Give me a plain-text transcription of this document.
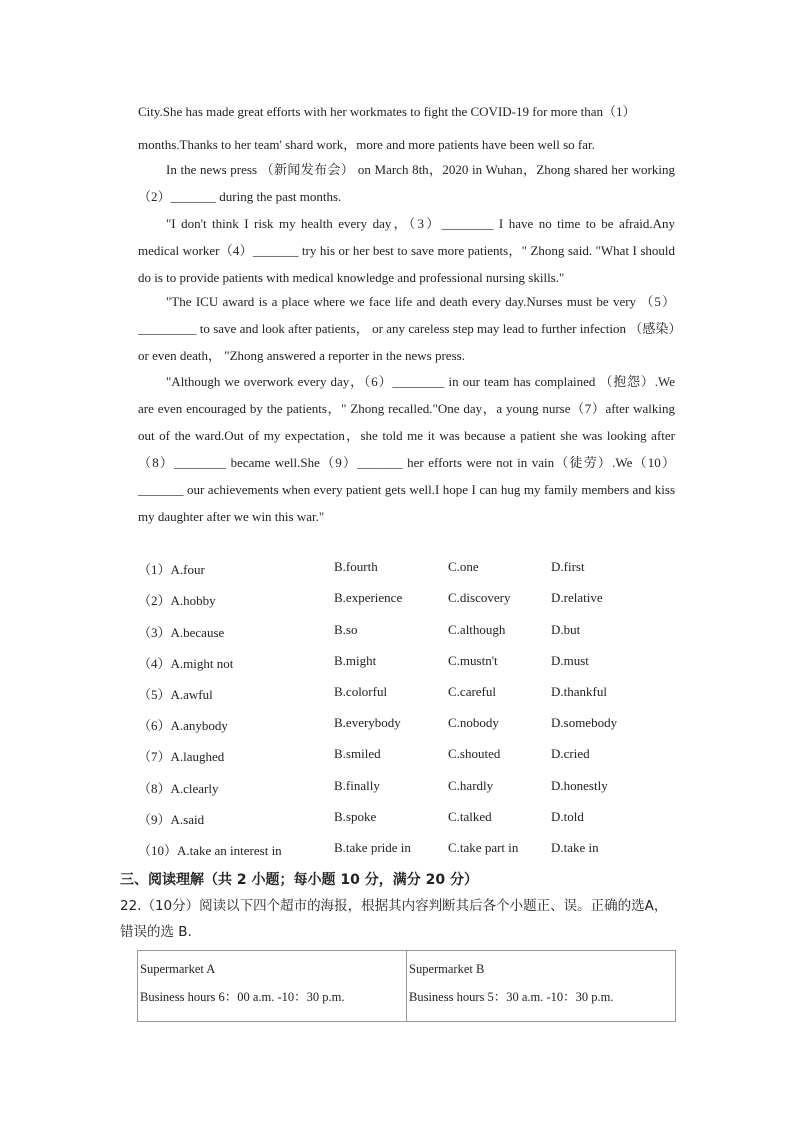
City.She has made great efforts with her workmates to fight the COVID-19 for more than（1）
months.Thanks to her team' shard work，more and more patients have been well so far.

In the news press （新闻发布会） on March 8th，2020 in Wuhan，Zhong shared her working（2）_______ during the past months.

"I don't think I risk my health every day，（3）________ I have no time to be afraid.Any medical worker（4）_______ try his or her best to save more patients，" Zhong said. "What I should do is to provide patients with medical knowledge and professional nursing skills."

"The ICU award is a place where we face life and death every day.Nurses must be very （5）_________ to save and look after patients， or any careless step may lead to further infection （感染）or even death， "Zhong answered a reporter in the news press.

"Although we overwork every day，（6）________ in our team has complained （抱怨）.We are even encouraged by the patients，" Zhong recalled."One day，a young nurse（7）after walking out of the ward.Out of my expectation，she told me it was because a patient she was looking after（8）________ became well.She（9）_______ her efforts were not in vain（徒劳）.We（10）_______ our achievements when every patient gets well.I hope I can hug my family members and kiss my daughter after we win this war."

（1）A.four	B.fourth	C.one	D.first
（2）A.hobby	B.experience	C.discovery	D.relative
（3）A.because	B.so	C.although	D.but
（4）A.might not	B.might	C.mustn't	D.must
（5）A.awful	B.colorful	C.careful	D.thankful
（6）A.anybody	B.everybody	C.nobody	D.somebody
（7）A.laughed	B.smiled	C.shouted	D.cried
（8）A.clearly	B.finally	C.hardly	D.honestly
（9）A.said	B.spoke	C.talked	D.told
（10）A.take an interest in	B.take pride in	C.take part in	D.take in
三、阅读理解（共 2 小题；每小题 10 分，满分 20 分）
22.（10分）阅读以下四个超市的海报，根据其内容判断其后各个小题正、误。正确的选A，错误的选 B.
Supermarket A
Business hours 6：00 a.m. -10：30 p.m.

Supermarket B
Business hours 5：30 a.m. -10：30 p.m.
